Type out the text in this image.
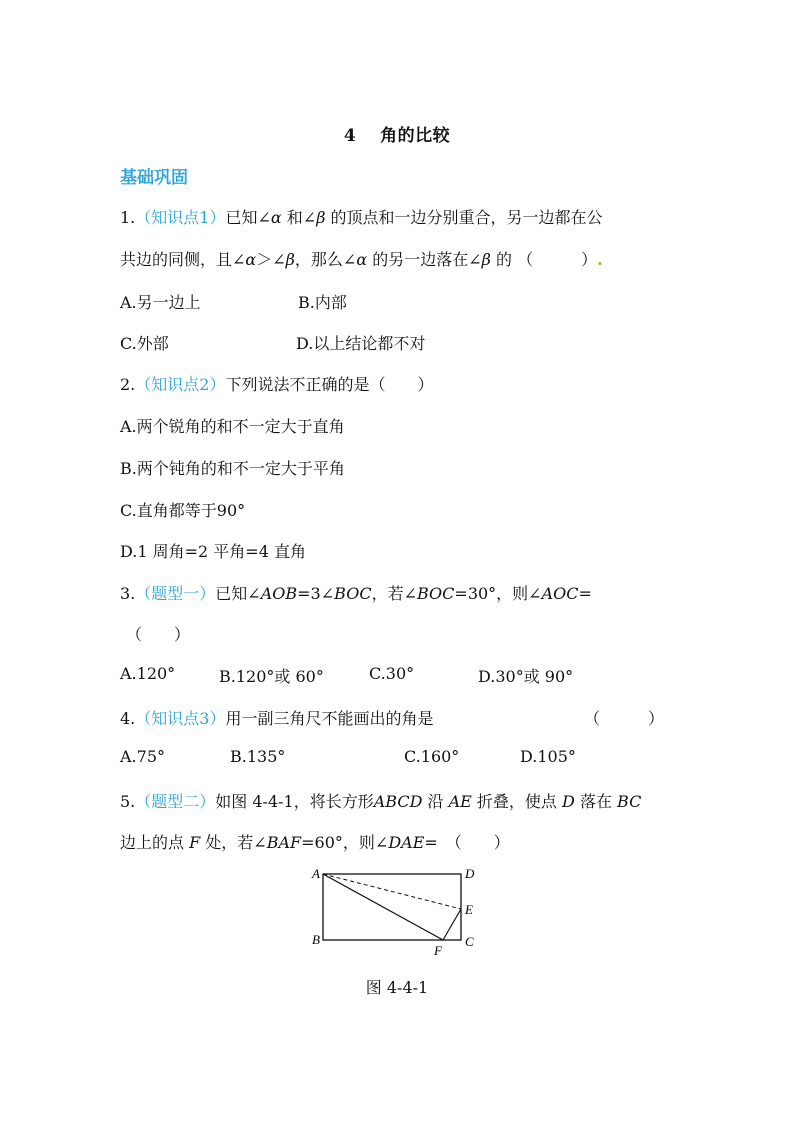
4 角的比较
基础巩固
1.（知识点1）已知∠α 和∠β 的顶点和一边分别重合，另一边都在公
共边的同侧，且∠α＞∠β，那么∠α 的另一边落在∠β 的 （　　　）.
A.另一边上	B.内部
C.外部	D.以上结论都不对
2.（知识点2）下列说法不正确的是（　　）
A.两个锐角的和不一定大于直角
B.两个钝角的和不一定大于平角
C.直角都等于90°
D.1 周角=2 平角=4 直角
3.（题型一）已知∠AOB=3∠BOC，若∠BOC=30°，则∠AOC=
（　　）
A.120°	B.120°或 60°	C.30°	D.30°或 90°
4.（知识点3）用一副三角尺不能画出的角是	（　　　）
A.75°	B.135°	C.160°	D.105°
5.（题型二）如图 4-4-1，将长方形ABCD 沿 AE 折叠，使点 D 落在 BC
边上的点 F 处，若∠BAF=60°，则∠DAE=　（　　）
A	D
E
B	C
F
图 4-4-1
